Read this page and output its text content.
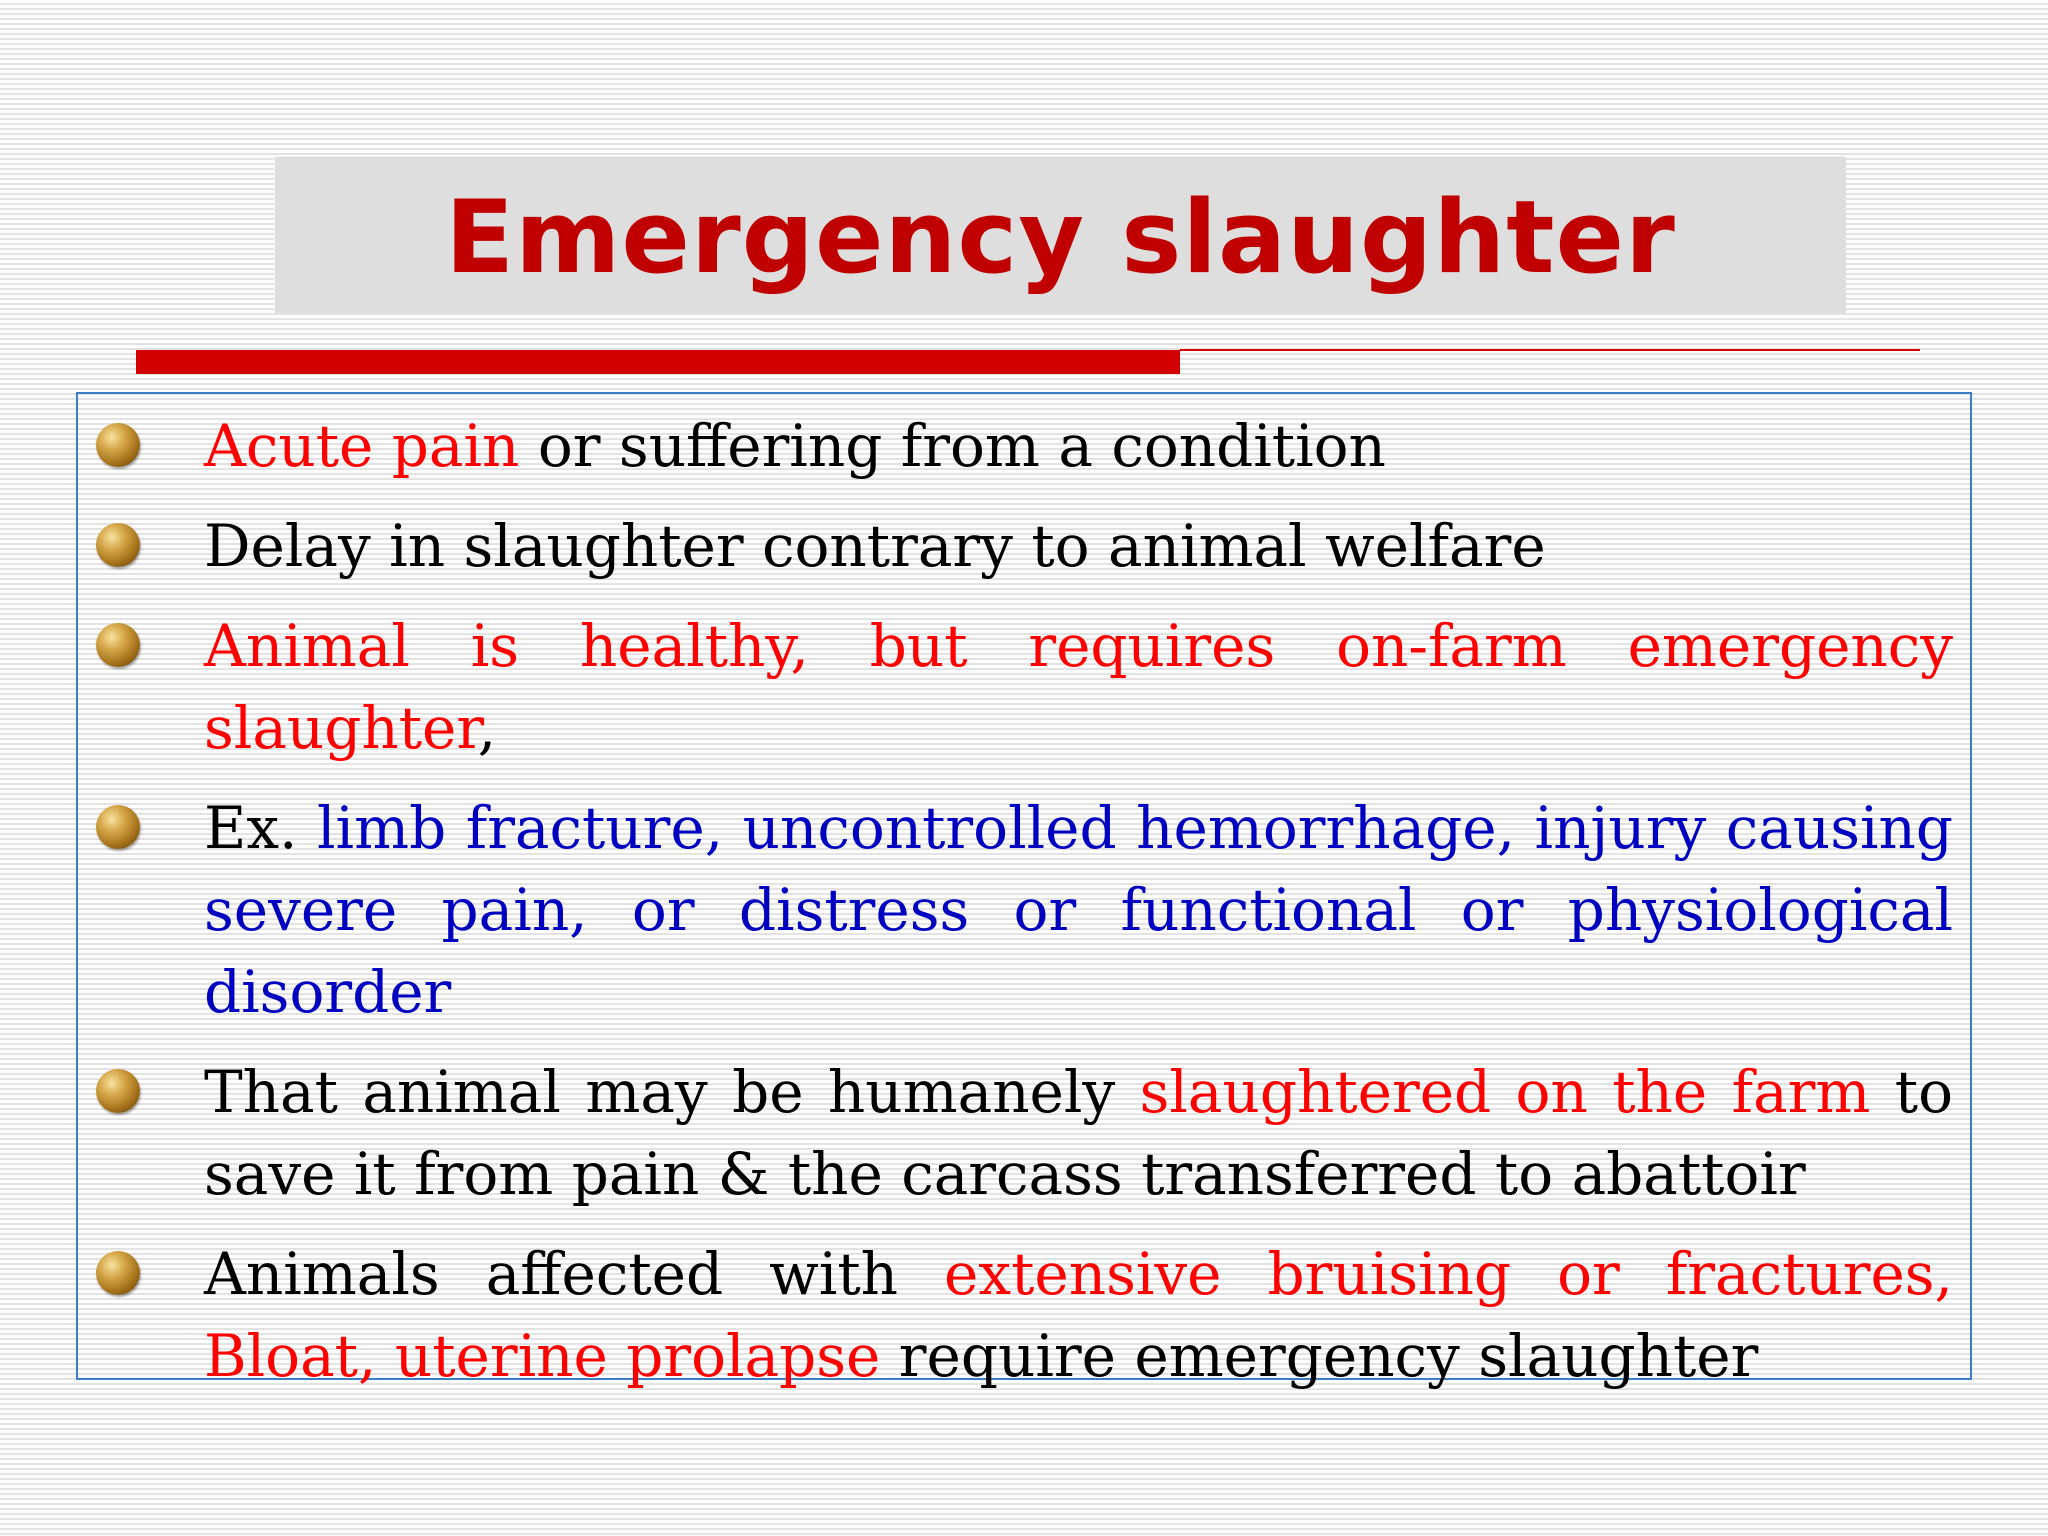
Emergency slaughter
Acute pain or suffering from a condition
Delay in slaughter contrary to animal welfare
Animal is healthy, but requires on-farm emergency slaughter,
Ex. limb fracture, uncontrolled hemorrhage, injury causing severe pain, or distress or functional or physiological disorder
That animal may be humanely slaughtered on the farm to save it from pain & the carcass transferred to abattoir
Animals affected with extensive bruising or fractures, Bloat, uterine prolapse require emergency slaughter
